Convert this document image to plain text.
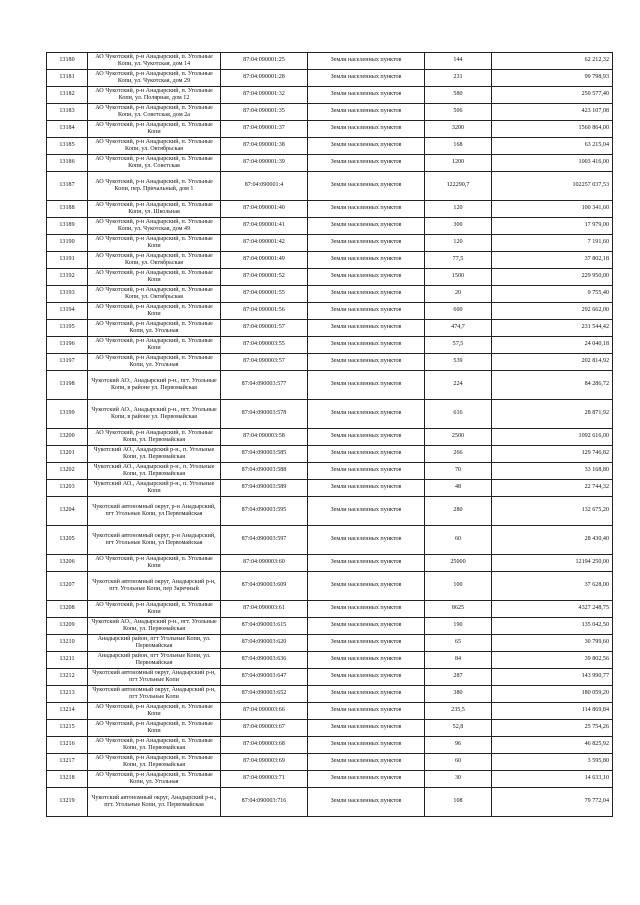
13180	АО Чукотский, р-н Анадырский, п. Угольные Копи, ул. Чукотская, дом 14	87:04:090001:25	Земли населенных пунктов	144	62 212,32
13181	АО Чукотский, р-н Анадырский, п. Угольные Копи, ул. Чукотская, дом 29	87:04:090001:28	Земли населенных пунктов	231	99 798,93
13182	АО Чукотский, р-н Анадырский, п. Угольные Копи, ул. Полярная, дом 12	87:04:090001:32	Земли населенных пунктов	580	250 577,40
13183	АО Чукотский, р-н Анадырский, п. Угольные Копи, ул. Советская, дом 2а	87:04:090001:35	Земли населенных пунктов	506	423 107,08
13184	АО Чукотский, р-н Анадырский, п. Угольные Копи	87:04:090001:37	Земли населенных пунктов	3200	1560 864,00
13185	АО Чукотский, р-н Анадырский, п. Угольные Копи, ул. Октябрьская	87:04:090001:38	Земли населенных пунктов	168	63 215,04
13186	АО Чукотский, р-н Анадырский, п. Угольные Копи, ул. Советская	87:04:090001:39	Земли населенных пунктов	1200	1003 416,00
13187	АО Чукотский, р-н Анадырский, п. Угольные Копи, пер. Причальный, дом 1	87:04:090001:4	Земли населенных пунктов	122290,7	102257 037,53
13188	АО Чукотский, р-н Анадырский, п. Угольные Копи, ул. Школьная	87:04:090001:40	Земли населенных пунктов	120	100 341,60
13189	АО Чукотский, р-н Анадырский, п. Угольные Копи, ул. Чукотская, дом 49	87:04:090001:41	Земли населенных пунктов	300	17 979,00
13190	АО Чукотский, р-н Анадырский, п. Угольные Копи	87:04:090001:42	Земли населенных пунктов	120	7 191,60
13191	АО Чукотский, р-н Анадырский, п. Угольные Копи, ул. Октябрьская	87:04:090001:49	Земли населенных пунктов	77,5	37 802,18
13192	АО Чукотский, р-н Анадырский, п. Угольные Копи	87:04:090001:52	Земли населенных пунктов	1500	229 950,00
13193	АО Чукотский, р-н Анадырский, п. Угольные Копи, ул. Октябрьская	87:04:090001:55	Земли населенных пунктов	20	9 755,40
13194	АО Чукотский, р-н Анадырский, п. Угольные Копи	87:04:090001:56	Земли населенных пунктов	600	292 662,00
13195	АО Чукотский, р-н Анадырский, п. Угольные Копи, ул. Угольная	87:04:090001:57	Земли населенных пунктов	474,7	231 544,42
13196	АО Чукотский, р-н Анадырский, п. Угольные Копи	87:04:090003:55	Земли населенных пунктов	57,5	24 040,18
13197	АО Чукотский, р-н Анадырский, п. Угольные Копи, ул. Угольная	87:04:090003:57	Земли населенных пунктов	539	202 814,92
13198	Чукотский АО., Анадырский р-н., пгт. Угольные Копи, в районе ул. Первомайская	87:04:090003:577	Земли населенных пунктов	224	84 286,72
13199	Чукотский АО., Анадырский р-н., пгт. Угольные Копи, в районе ул. Первомайская	87:04:090003:578	Земли населенных пунктов	616	28 871,92
13200	АО Чукотский, р-н Анадырский, п. Угольные Копи, ул. Первомайская	87:04:090003:58	Земли населенных пунктов	2500	1092 616,00
13201	Чукотский АО., Анадырский р-н., п. Угольные Копи, ул. Первомайская	87:04:090003:585	Земли населенных пунктов	266	129 746,82
13202	Чукотский АО., Анадырский р-н., п. Угольные Копи, ул. Первомайская	87:04:090003:588	Земли населенных пунктов	70	33 168,80
13203	Чукотский АО., Анадырский р-н., п. Угольные Копи	87:04:090003:589	Земли населенных пунктов	48	22 744,32
13204	Чукотский автономный округ, р-н Анадырский, пгт Угольные Копи, ул Первомайская	87:04:090003:595	Земли населенных пунктов	280	132 675,20
13205	Чукотский автономный округ, р-н Анадырский, пгт Угольные Копи, ул Первомайская	87:04:090003:597	Земли населенных пунктов	60	28 430,40
13206	АО Чукотский, р-н Анадырский, п. Угольные Копи	87:04:090003:60	Земли населенных пунктов	25000	12194 250,00
13207	Чукотский автономный округ, Анадырский р-н, пгт. Угольные Копи, пер Заречный	87:04:090003:609	Земли населенных пунктов	100	37 628,00
13208	АО Чукотский, р-н Анадырский, п. Угольные Копи	87:04:090003:61	Земли населенных пунктов	8625	4327 248,75
13209	Чукотский АО., Анадырский р-н., пгт. Угольные Копи, ул. Первомайская	87:04:090003:615	Земли населенных пунктов	190	135 042,50
13210	Анадырский район, пгт Угольные Копи, ул. Первомайская	87:04:090003:620	Земли населенных пунктов	65	30 799,60
13211	Анадырский район, пгт Угольные Копи, ул. Первомайская	87:04:090003:636	Земли населенных пунктов	84	39 802,56
13212	Чукотский автономный округ, Анадырский р-н, пгт Угольные Копи	87:04:090003:647	Земли населенных пунктов	287	143 990,77
13213	Чукотский автономный округ, Анадырский р-н, пгт Угольные Копи	87:04:090003:652	Земли населенных пунктов	380	180 059,20
13214	АО Чукотский, р-н Анадырский, п. Угольные Копи	87:04:090003:66	Земли населенных пунктов	235,5	114 869,84
13215	АО Чукотский, р-н Анадырский, п. Угольные Копи	87:04:090003:67	Земли населенных пунктов	52,8	25 754,26
13216	АО Чукотский, р-н Анадырский, п. Угольные Копи, ул. Первомайская	87:04:090003:68	Земли населенных пунктов	96	46 825,92
13217	АО Чукотский, р-н Анадырский, п. Угольные Копи, ул. Первомайская	87:04:090003:69	Земли населенных пунктов	60	3 595,80
13218	АО Чукотский, р-н Анадырский, п. Угольные Копи, ул. Угольная	87:04:090003:71	Земли населенных пунктов	30	14 633,10
13219	Чукотский автономный округ, Анадырский р-н., пгт. Угольные Копи, ул. Первомайская	87:04:090003:716	Земли населенных пунктов	108	79 772,04
